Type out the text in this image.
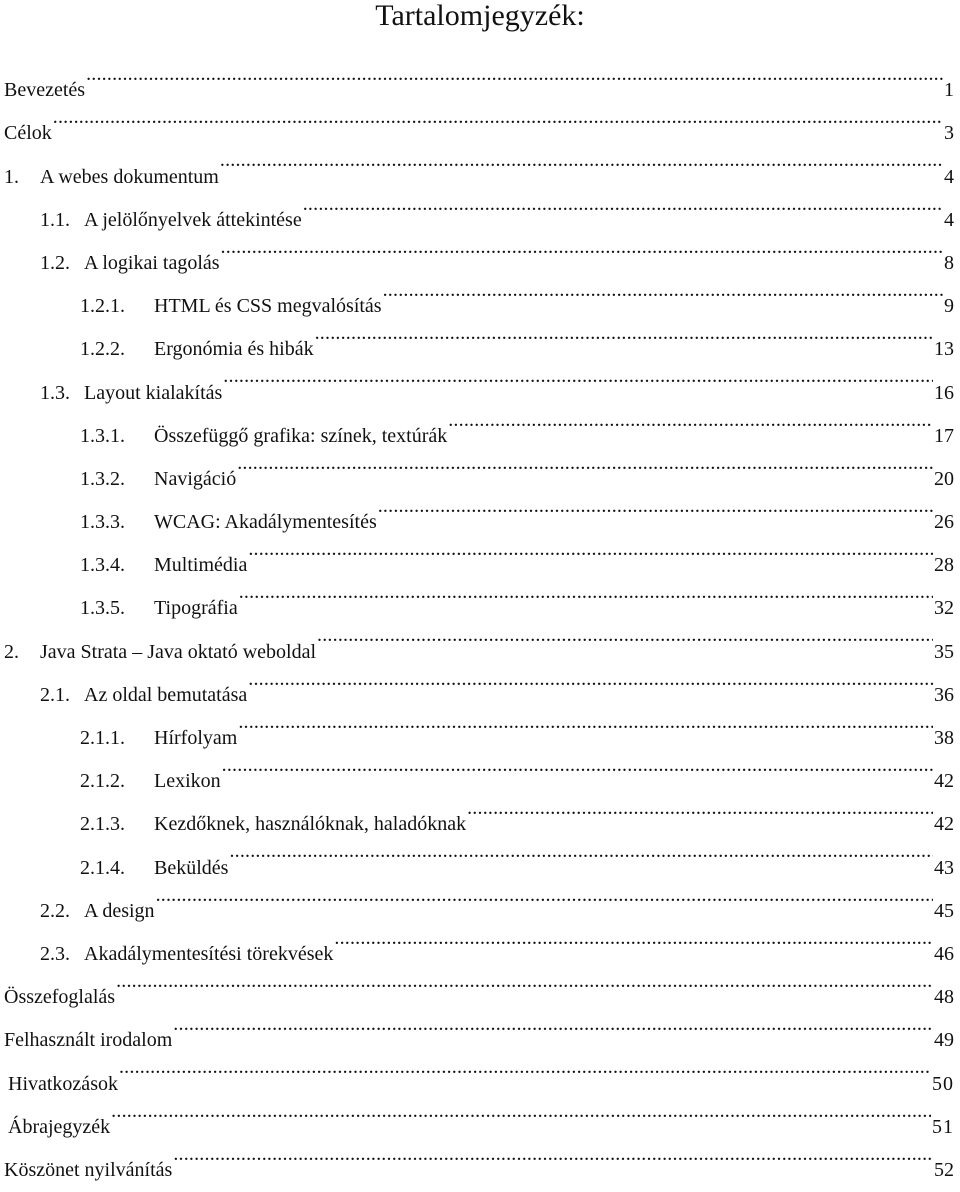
Tartalomjegyzék:
Bevezetés .....	1
Célok .....	3
1.	A webes dokumentum .....	4
1.1. A jelölőnyelvek áttekintése .....	4
1.2. A logikai tagolás .....	8
1.2.1.	HTML és CSS megvalósítás .....	9
1.2.2.	Ergonómia és hibák .....	13
1.3. Layout kialakítás .....	16
1.3.1.	Összefüggő grafika: színek, textúrák .....	17
1.3.2.	Navigáció .....	20
1.3.3.	WCAG: Akadálymentesítés .....	26
1.3.4.	Multimédia .....	28
1.3.5.	Tipográfia .....	32
2.	Java Strata – Java oktató weboldal .....	35
2.1. Az oldal bemutatása .....	36
2.1.1.	Hírfolyam .....	38
2.1.2.	Lexikon .....	42
2.1.3.	Kezdőknek, használóknak, haladóknak .....	42
2.1.4.	Beküldés .....	43
2.2. A design .....	45
2.3. Akadálymentesítési törekvések .....	46
Összefoglalás .....	48
Felhasznált irodalom .....	49
Hivatkozások .....	50
Ábrajegyzék .....	51
Köszönet nyilvánítás .....	52
